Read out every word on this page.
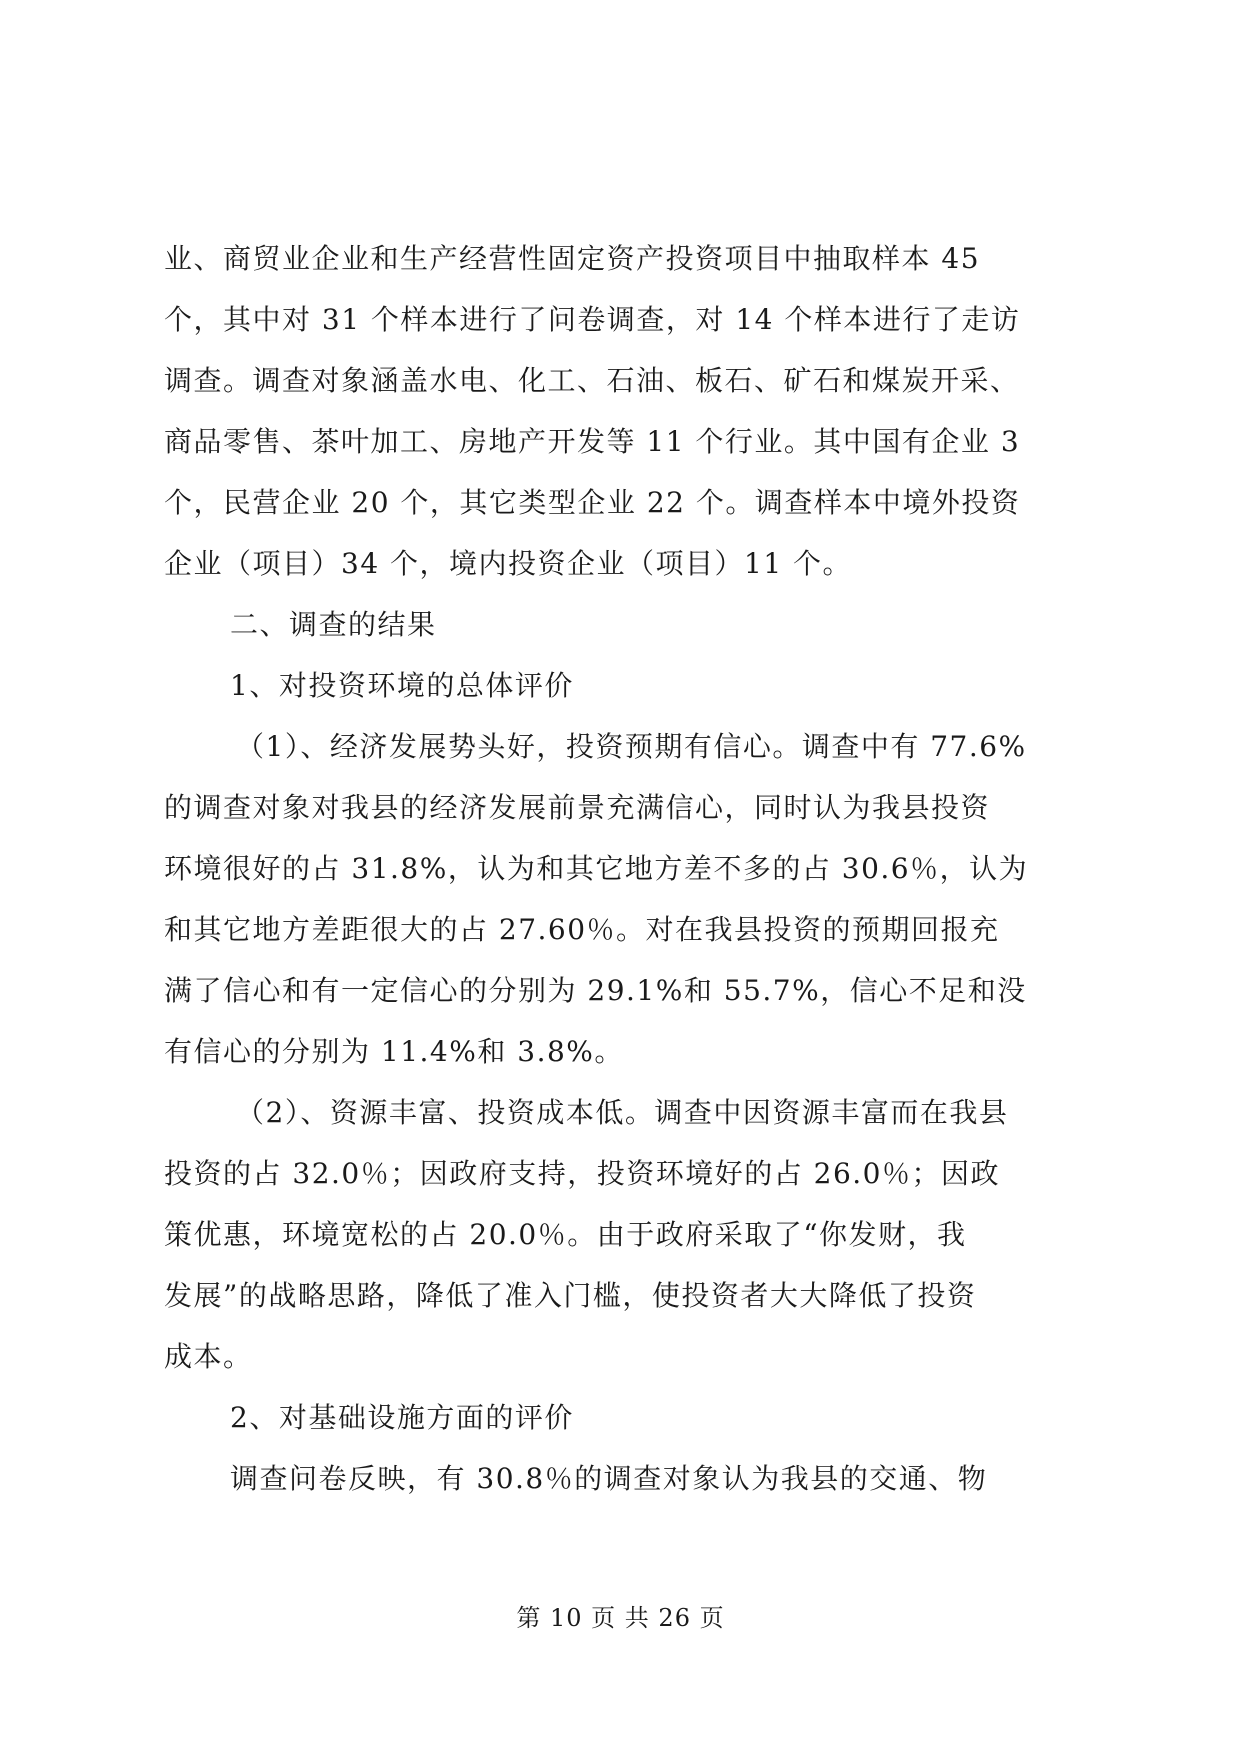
业、商贸业企业和生产经营性固定资产投资项目中抽取样本 45
个，其中对 31 个样本进行了问卷调查，对 14 个样本进行了走访
调查。调查对象涵盖水电、化工、石油、板石、矿石和煤炭开采、
商品零售、茶叶加工、房地产开发等 11 个行业。其中国有企业 3
个，民营企业 20 个，其它类型企业 22 个。调查样本中境外投资
企业（项目）34 个，境内投资企业（项目）11 个。
二、调查的结果
1、对投资环境的总体评价
（1）、经济发展势头好，投资预期有信心。调查中有 77.6%
的调查对象对我县的经济发展前景充满信心，同时认为我县投资
环境很好的占 31.8%，认为和其它地方差不多的占 30.6％，认为
和其它地方差距很大的占 27.60％。对在我县投资的预期回报充
满了信心和有一定信心的分别为 29.1%和 55.7%，信心不足和没
有信心的分别为 11.4%和 3.8%。
（2）、资源丰富、投资成本低。调查中因资源丰富而在我县
投资的占 32.0％；因政府支持，投资环境好的占 26.0％；因政
策优惠，环境宽松的占 20.0％。由于政府采取了“你发财，我
发展”的战略思路，降低了准入门槛，使投资者大大降低了投资
成本。
2、对基础设施方面的评价
调查问卷反映，有 30.8％的调查对象认为我县的交通、物
第 10 页 共 26 页
